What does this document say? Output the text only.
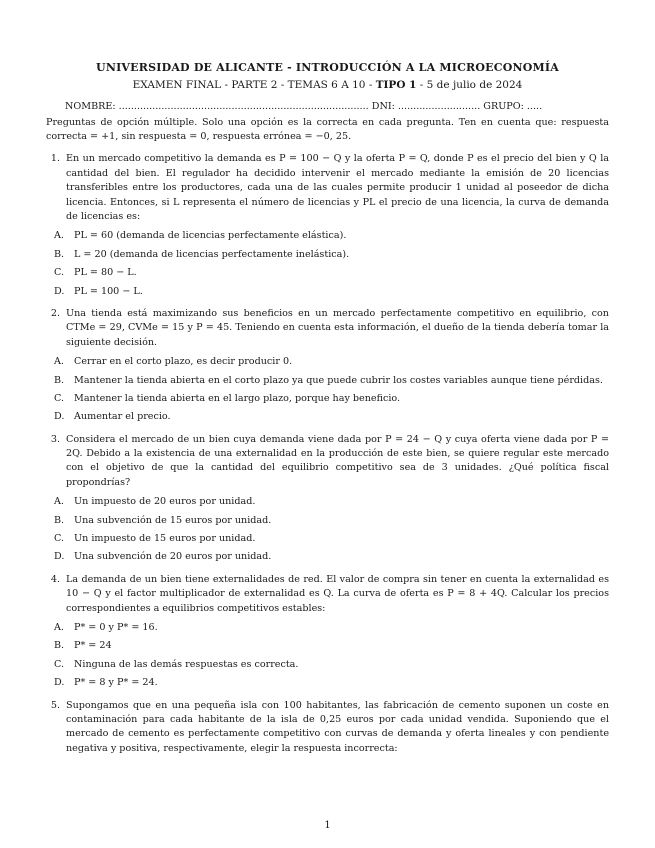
UNIVERSIDAD DE ALICANTE - INTRODUCCIÓN A LA MICROECONOMÍA
EXAMEN FINAL - PARTE 2 - TEMAS 6 A 10 - TIPO 1 - 5 de julio de 2024
NOMBRE: .................................................................................. DNI: ........................... GRUPO: .....
Preguntas de opción múltiple. Solo una opción es la correcta en cada pregunta. Ten en cuenta que: respuesta correcta = +1, sin respuesta = 0, respuesta errónea = −0, 25.
1. En un mercado competitivo la demanda es P = 100 − Q y la oferta P = Q, donde P es el precio del bien y Q la cantidad del bien. El regulador ha decidido intervenir el mercado mediante la emisión de 20 licencias transferibles entre los productores, cada una de las cuales permite producir 1 unidad al poseedor de dicha licencia. Entonces, si L representa el número de licencias y PL el precio de una licencia, la curva de demanda de licencias es:
A.	PL = 60 (demanda de licencias perfectamente elástica).
B.	L = 20 (demanda de licencias perfectamente inelástica).
C.	PL = 80 − L.
D. PL = 100 − L.
2. Una tienda está maximizando sus beneficios en un mercado perfectamente competitivo en equilibrio, con CTMe = 29, CVMe = 15 y P = 45. Teniendo en cuenta esta información, el dueño de la tienda debería tomar la siguiente decisión.
A.	Cerrar en el corto plazo, es decir producir 0.
B.	Mantener la tienda abierta en el corto plazo ya que puede cubrir los costes variables aunque tiene pérdidas.
C.	Mantener la tienda abierta en el largo plazo, porque hay beneficio.
D. Aumentar el precio.
3. Considera el mercado de un bien cuya demanda viene dada por P = 24 − Q y cuya oferta viene dada por P = 2Q. Debido a la existencia de una externalidad en la producción de este bien, se quiere regular este mercado con el objetivo de que la cantidad del equilibrio competitivo sea de 3 unidades. ¿Qué política fiscal propondrías?
A.	Un impuesto de 20 euros por unidad.
B.	Una subvención de 15 euros por unidad.
C.	Un impuesto de 15 euros por unidad.
D. Una subvención de 20 euros por unidad.
4. La demanda de un bien tiene externalidades de red. El valor de compra sin tener en cuenta la externalidad es 10 − Q y el factor multiplicador de externalidad es Q. La curva de oferta es P = 8 + 4Q. Calcular los precios correspondientes a equilibrios competitivos estables:
A.	P* = 0 y P* = 16.
B.	P* = 24
C.	Ninguna de las demás respuestas es correcta.
D. P* = 8 y P* = 24.
5. Supongamos que en una pequeña isla con 100 habitantes, las fabricación de cemento suponen un coste en contaminación para cada habitante de la isla de 0,25 euros por cada unidad vendida. Suponiendo que el mercado de cemento es perfectamente competitivo con curvas de demanda y oferta lineales y con pendiente negativa y positiva, respectivamente, elegir la respuesta incorrecta:
1
